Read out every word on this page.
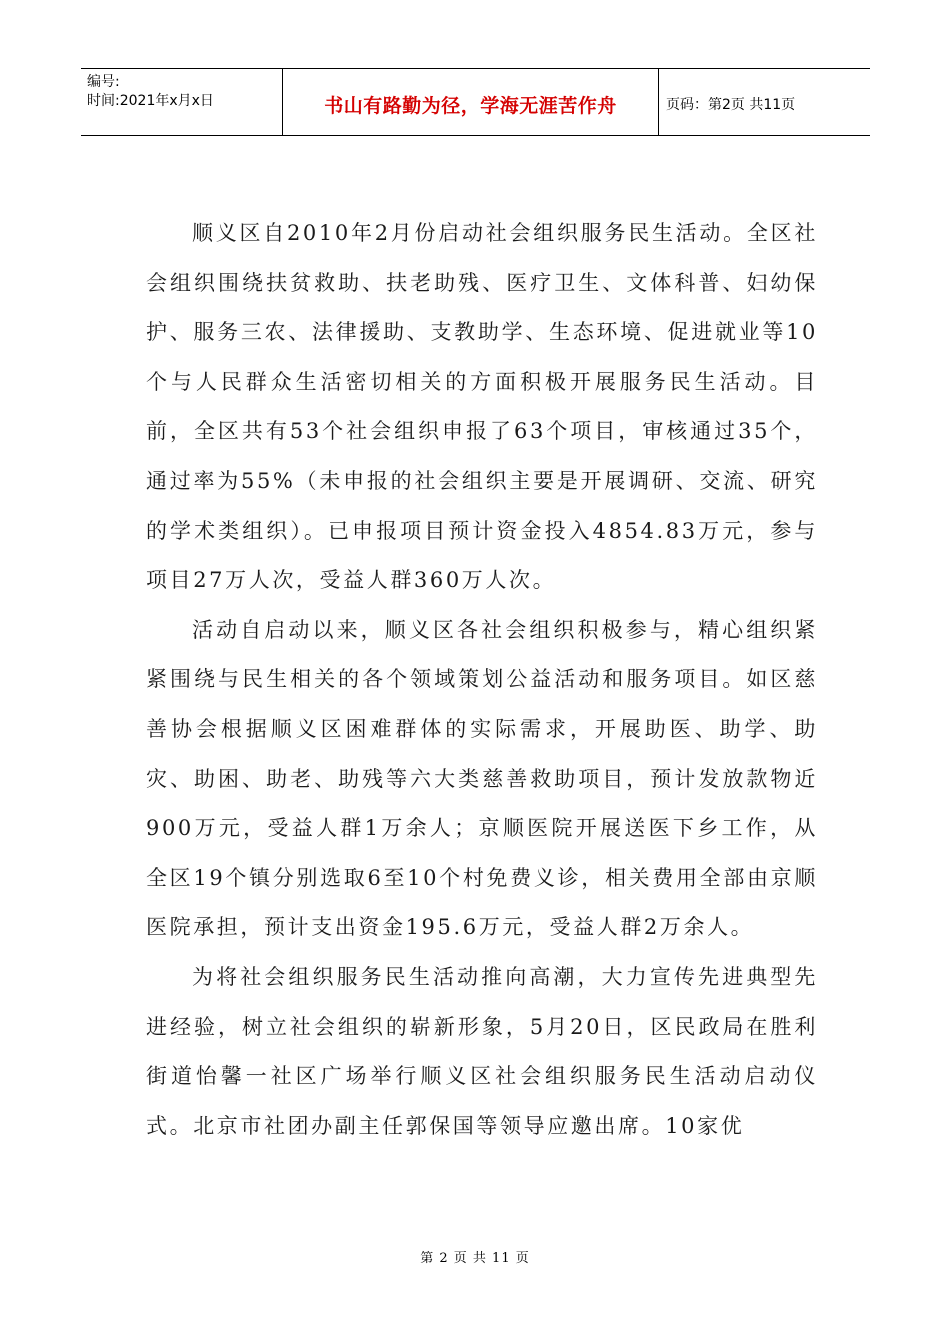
编号:
时间:2021年x月x日	书山有路勤为径，学海无涯苦作舟	页码：第2页 共11页

顺义区自2010年2月份启动社会组织服务民生活动。全区社会组织围绕扶贫救助、扶老助残、医疗卫生、文体科普、妇幼保护、服务三农、法律援助、支教助学、生态环境、促进就业等10个与人民群众生活密切相关的方面积极开展服务民生活动。目前，全区共有53个社会组织申报了63个项目，审核通过35个，通过率为55%（未申报的社会组织主要是开展调研、交流、研究的学术类组织）。已申报项目预计资金投入4854.83万元，参与项目27万人次，受益人群360万人次。

活动自启动以来，顺义区各社会组织积极参与，精心组织紧紧围绕与民生相关的各个领域策划公益活动和服务项目。如区慈善协会根据顺义区困难群体的实际需求，开展助医、助学、助灾、助困、助老、助残等六大类慈善救助项目，预计发放款物近900万元，受益人群1万余人；京顺医院开展送医下乡工作，从全区19个镇分别选取6至10个村免费义诊，相关费用全部由京顺医院承担，预计支出资金195.6万元，受益人群2万余人。

为将社会组织服务民生活动推向高潮，大力宣传先进典型先进经验，树立社会组织的崭新形象，5月20日，区民政局在胜利街道怡馨一社区广场举行顺义区社会组织服务民生活动启动仪式。北京市社团办副主任郭保国等领导应邀出席。10家优

第 2 页 共 11 页
